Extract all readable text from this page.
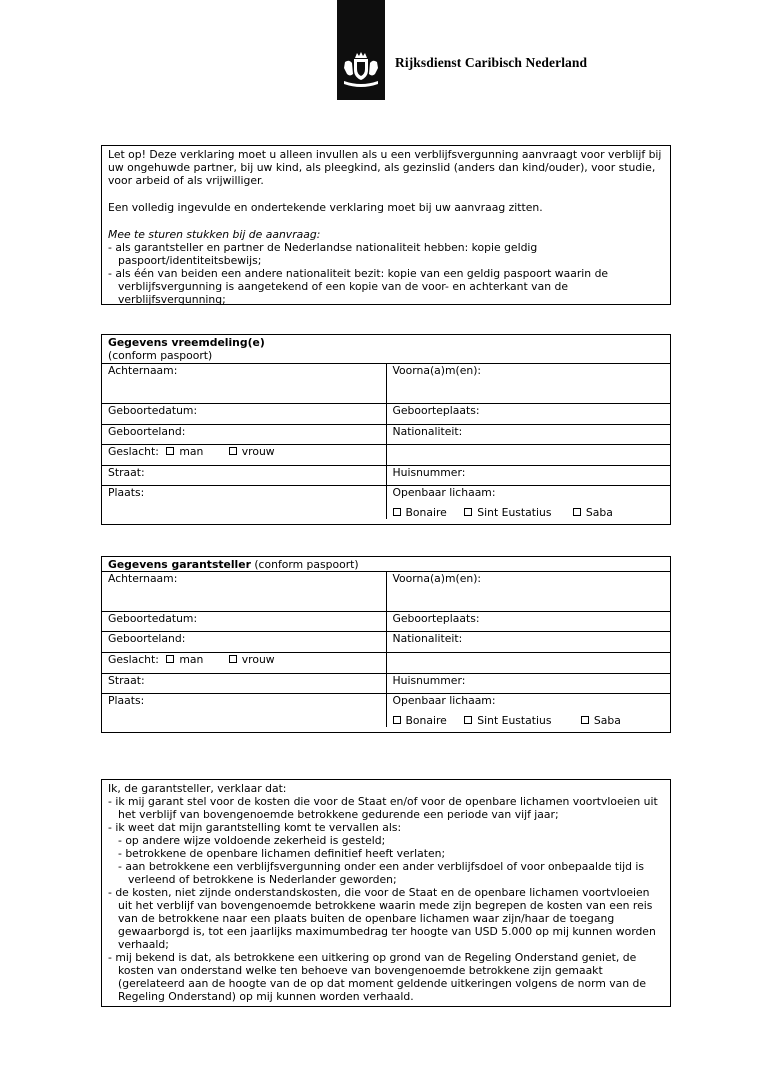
Rijksdienst Caribisch Nederland

Let op! Deze verklaring moet u alleen invullen als u een verblijfsvergunning aanvraagt voor verblijf bij uw ongehuwde partner, bij uw kind, als pleegkind, als gezinslid (anders dan kind/ouder), voor studie, voor arbeid of als vrijwilliger.

Een volledig ingevulde en ondertekende verklaring moet bij uw aanvraag zitten.

Mee te sturen stukken bij de aanvraag:

- als garantsteller en partner de Nederlandse nationaliteit hebben: kopie geldig paspoort/identiteitsbewijs;

- als één van beiden een andere nationaliteit bezit: kopie van een geldig paspoort waarin de verblijfsvergunning is aangetekend of een kopie van de voor- en achterkant van de verblijfsvergunning;

Gegevens vreemdeling(e)
(conform paspoort)	

Achternaam:	Voorna(a)m(en):
Geboortedatum:	Geboorteplaats:
Geboorteland:	Nationaliteit:
Geslacht: man vrouw	
Straat:	Huisnummer:
Plaats:	Openbaar lichaam:
Bonaire Sint Eustatius Saba
Gegevens garantsteller (conform paspoort)	
Achternaam:	Voorna(a)m(en):
Geboortedatum:	Geboorteplaats:
Geboorteland:	Nationaliteit:
Geslacht: man vrouw	
Straat:	Huisnummer:
Plaats:	Openbaar lichaam:
Bonaire Sint Eustatius Saba

Ik, de garantsteller, verklaar dat:

- ik mij garant stel voor de kosten die voor de Staat en/of voor de openbare lichamen voortvloeien uit het verblijf van bovengenoemde betrokkene gedurende een periode van vijf jaar;

- ik weet dat mijn garantstelling komt te vervallen als:

- op andere wijze voldoende zekerheid is gesteld;

- betrokkene de openbare lichamen definitief heeft verlaten;

- aan betrokkene een verblijfsvergunning onder een ander verblijfsdoel of voor onbepaalde tijd is verleend of betrokkene is Nederlander geworden;

- de kosten, niet zijnde onderstandskosten, die voor de Staat en de openbare lichamen voortvloeien uit het verblijf van bovengenoemde betrokkene waarin mede zijn begrepen de kosten van een reis van de betrokkene naar een plaats buiten de openbare lichamen waar zijn/haar de toegang gewaarborgd is, tot een jaarlijks maximumbedrag ter hoogte van USD 5.000 op mij kunnen worden verhaald;

- mij bekend is dat, als betrokkene een uitkering op grond van de Regeling Onderstand geniet, de kosten van onderstand welke ten behoeve van bovengenoemde betrokkene zijn gemaakt (gerelateerd aan de hoogte van de op dat moment geldende uitkeringen volgens de norm van de Regeling Onderstand) op mij kunnen worden verhaald.
